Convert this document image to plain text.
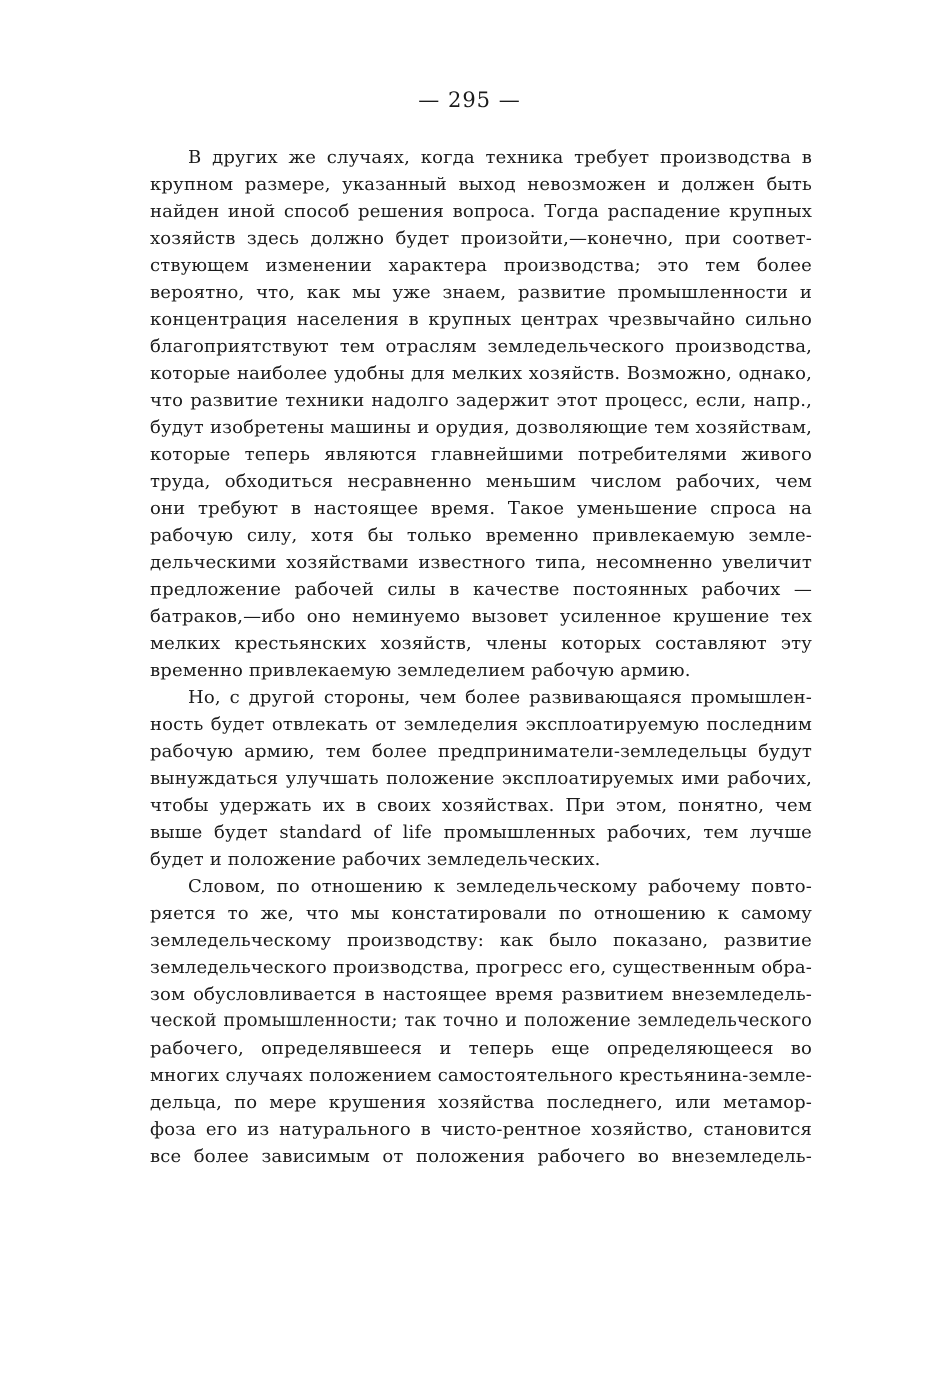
— 295 —
В других же случаях, когда техника требует производства в
крупном размере, указанный выход невозможен и должен быть
найден иной способ решения вопроса. Тогда распадение крупных
хозяйств здесь должно будет произойти,—конечно, при соответ-
ствующем изменении характера производства; это тем более
вероятно, что, как мы уже знаем, развитие промышленности и
концентрация населения в крупных центрах чрезвычайно сильно
благоприятствуют тем отраслям земледельческого производства,
которые наиболее удобны для мелких хозяйств. Возможно, однако,
что развитие техники надолго задержит этот процесс, если, напр.,
будут изобретены машины и орудия, дозволяющие тем хозяйствам,
которые теперь являются главнейшими потребителями живого
труда, обходиться несравненно меньшим числом рабочих, чем
они требуют в настоящее время. Такое уменьшение спроса на
рабочую силу, хотя бы только временно привлекаемую земле-
дельческими хозяйствами известного типа, несомненно увеличит
предложение рабочей силы в качестве постоянных рабочих —
батраков,—ибо оно неминуемо вызовет усиленное крушение тех
мелких крестьянских хозяйств, члены которых составляют эту
временно привлекаемую земледелием рабочую армию.
Но, с другой стороны, чем более развивающаяся промышлен-
ность будет отвлекать от земледелия эксплоатируемую последним
рабочую армию, тем более предприниматели-земледельцы будут
вынуждаться улучшать положение эксплоатируемых ими рабочих,
чтобы удержать их в своих хозяйствах. При этом, понятно, чем
выше будет standard of life промышленных рабочих, тем лучше
будет и положение рабочих земледельческих.
Словом, по отношению к земледельческому рабочему повто-
ряется то же, что мы констатировали по отношению к самому
земледельческому производству: как было показано, развитие
земледельческого производства, прогресс его, существенным обра-
зом обусловливается в настоящее время развитием внеземледель-
ческой промышленности; так точно и положение земледельческого
рабочего, определявшееся и теперь еще определяющееся во
многих случаях положением самостоятельного крестьянина-земле-
дельца, по мере крушения хозяйства последнего, или метамор-
фоза его из натурального в чисто-рентное хозяйство, становится
все более зависимым от положения рабочего во внеземледель-
